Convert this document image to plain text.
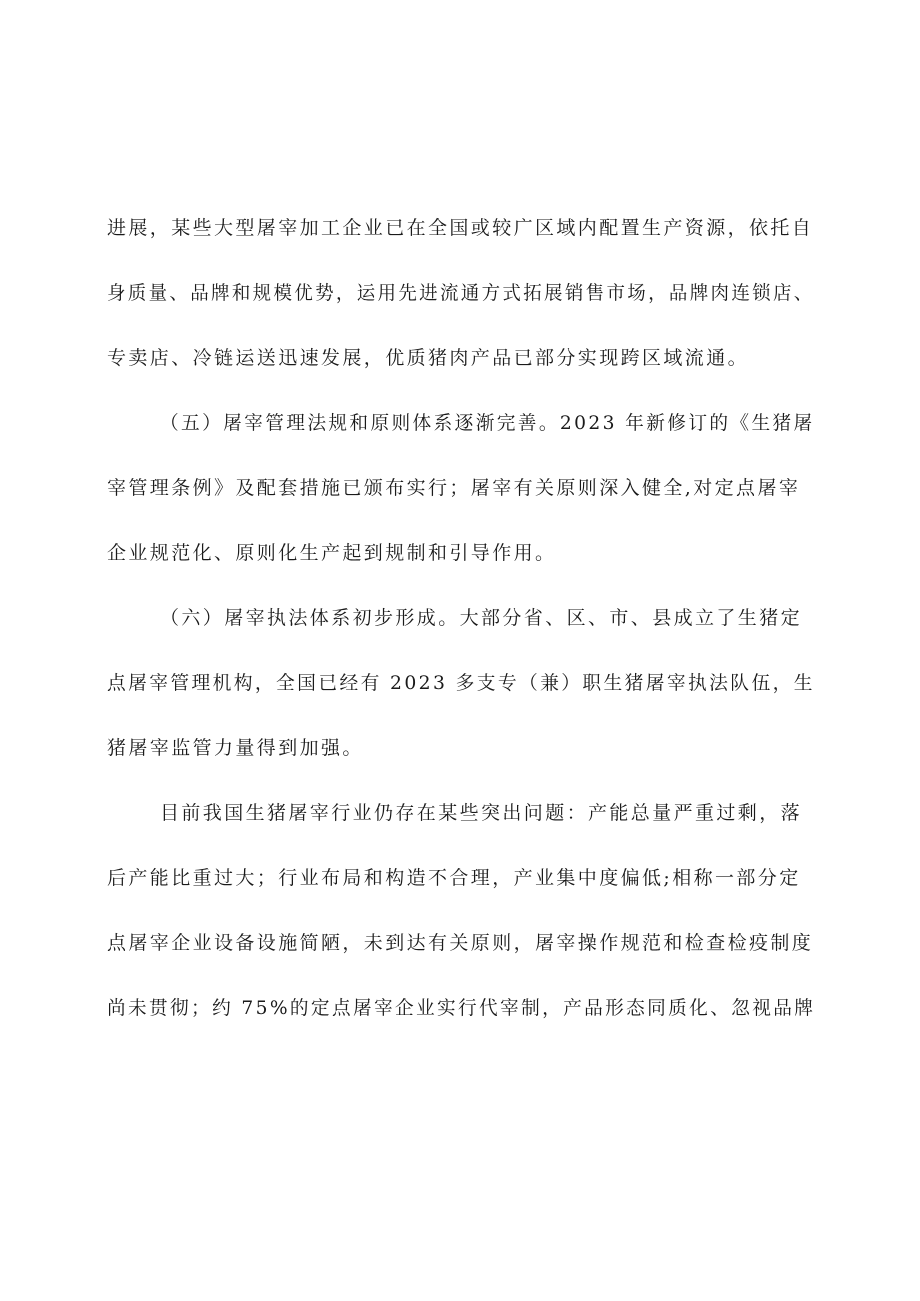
进展，某些大型屠宰加工企业已在全国或较广区域内配置生产资源，依托自
身质量、品牌和规模优势，运用先进流通方式拓展销售市场，品牌肉连锁店、
专卖店、冷链运送迅速发展，优质猪肉产品已部分实现跨区域流通。
（五）屠宰管理法规和原则体系逐渐完善。2023 年新修订的《生猪屠
宰管理条例》及配套措施已颁布实行；屠宰有关原则深入健全,对定点屠宰
企业规范化、原则化生产起到规制和引导作用。
（六）屠宰执法体系初步形成。大部分省、区、市、县成立了生猪定
点屠宰管理机构，全国已经有 2023 多支专（兼）职生猪屠宰执法队伍，生
猪屠宰监管力量得到加强。
目前我国生猪屠宰行业仍存在某些突出问题：产能总量严重过剩，落
后产能比重过大；行业布局和构造不合理，产业集中度偏低;相称一部分定
点屠宰企业设备设施简陋，未到达有关原则，屠宰操作规范和检查检疫制度
尚未贯彻；约 75%的定点屠宰企业实行代宰制，产品形态同质化、忽视品牌
